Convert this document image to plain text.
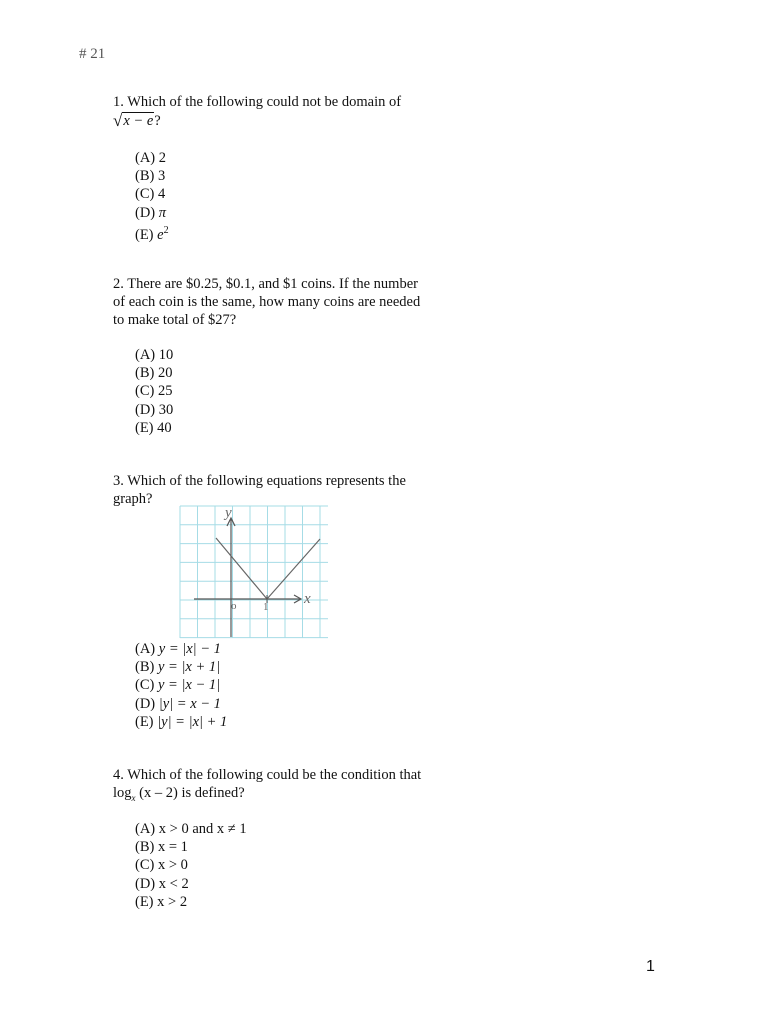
# 21

1. Which of the following could not be domain of

√x − e?

(A) 2
(B) 3
(C) 4
(D) π
(E) $e^2$

2. There are $0.25, $0.1, and $1 coins. If the number of each coin is the same, how many coins are needed to make total of $27?

(A) 10
(B) 20
(C) 25
(D) 30
(E) 40

3. Which of the following equations represents the graph?

y
x
o 1
(A) y = |x| − 1
(B) y = |x + 1|
(C) y = |x − 1|
(D) |y| = x − 1
(E) |y| = |x| + 1

4. Which of the following could be the condition that $\log_x (x - 2)$ is defined?

(A) x > 0 and x ≠ 1
(B) x = 1
(C) x > 0
(D) x < 2
(E) x > 2
1
